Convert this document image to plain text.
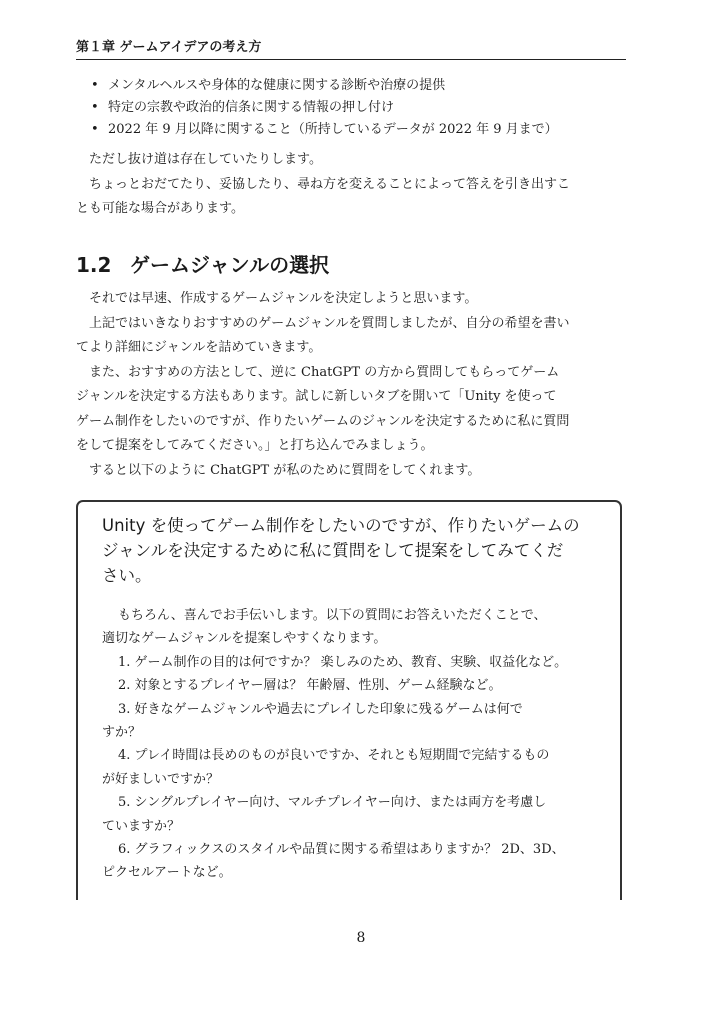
第１章 ゲームアイデアの考え方
• メンタルヘルスや身体的な健康に関する診断や治療の提供
• 特定の宗教や政治的信条に関する情報の押し付け
• 2022 年 9 月以降に関すること（所持しているデータが 2022 年 9 月まで）

ただし抜け道は存在していたりします。
ちょっとおだてたり、妥協したり、尋ね方を変えることによって答えを引き出すこ
とも可能な場合があります。

1.2 ゲームジャンルの選択

それでは早速、作成するゲームジャンルを決定しようと思います。
上記ではいきなりおすすめのゲームジャンルを質問しましたが、自分の希望を書い
てより詳細にジャンルを詰めていきます。
また、おすすめの方法として、逆に ChatGPT の方から質問してもらってゲーム
ジャンルを決定する方法もあります。試しに新しいタブを開いて「Unity を使って
ゲーム制作をしたいのですが、作りたいゲームのジャンルを決定するために私に質問
をして提案をしてみてください。」と打ち込んでみましょう。
すると以下のように ChatGPT が私のために質問をしてくれます。

Unity を使ってゲーム制作をしたいのですが、作りたいゲームの
ジャンルを決定するために私に質問をして提案をしてみてくだ
さい。

もちろん、喜んでお手伝いします。以下の質問にお答えいただくことで、
適切なゲームジャンルを提案しやすくなります。

1. ゲーム制作の目的は何ですか？ 楽しみのため、教育、実験、収益化など。

2. 対象とするプレイヤー層は？ 年齢層、性別、ゲーム経験など。

3. 好きなゲームジャンルや過去にプレイした印象に残るゲームは何で
すか？

4. プレイ時間は長めのものが良いですか、それとも短期間で完結するもの
が好ましいですか？

5. シングルプレイヤー向け、マルチプレイヤー向け、または両方を考慮し
ていますか？

6. グラフィックスのスタイルや品質に関する希望はありますか？ 2D、3D、
ピクセルアートなど。

8
